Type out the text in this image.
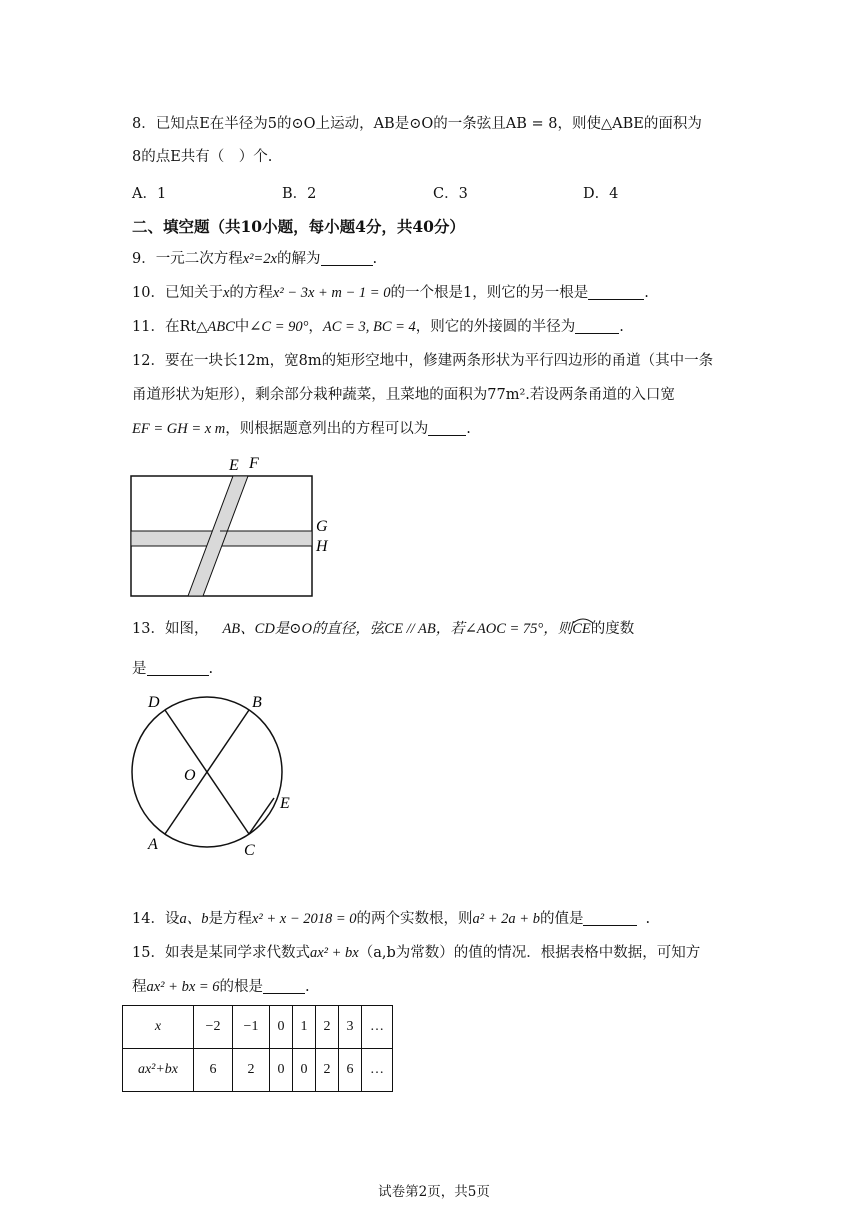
8．已知点E在半径为5的⊙O上运动，AB是⊙O的一条弦且AB = 8，则使△ABE的面积为
8的点E共有（　）个.
A．1	B．2	C．3	D．4
二、填空题（共10小题，每小题4分，共40分）
9．一元二次方程x²=2x的解为	.
10．已知关于x的方程x² − 3x + m − 1 = 0的一个根是1，则它的另一根是	.
11．在Rt△ABC中∠C = 90°，AC = 3, BC = 4，则它的外接圆的半径为	.
12．要在一块长12m，宽8m的矩形空地中，修建两条形状为平行四边形的甬道（其中一条
甬道形状为矩形），剩余部分栽种蔬菜，且菜地的面积为77m².若设两条甬道的入口宽
EF = GH = x m，则根据题意列出的方程可以为	.
E F
G
H
13．如图， AB、CD是⊙O的直径，弦CE // AB，若∠AOC = 75°，则CE
的度数
是	.
D	B
O
E
A	C
14．设a、b是方程x² + x − 2018 = 0的两个实数根，则a² + 2a + b的值是	.
15．如表是某同学求代数式ax² + bx（a,b为常数）的值的情况．根据表格中数据，可知方
程ax² + bx = 6的根是	.
x	−2	−1	0	1	2	3	…
ax²+bx	6	2	0	0	2	6	…
试卷第2页，共5页
